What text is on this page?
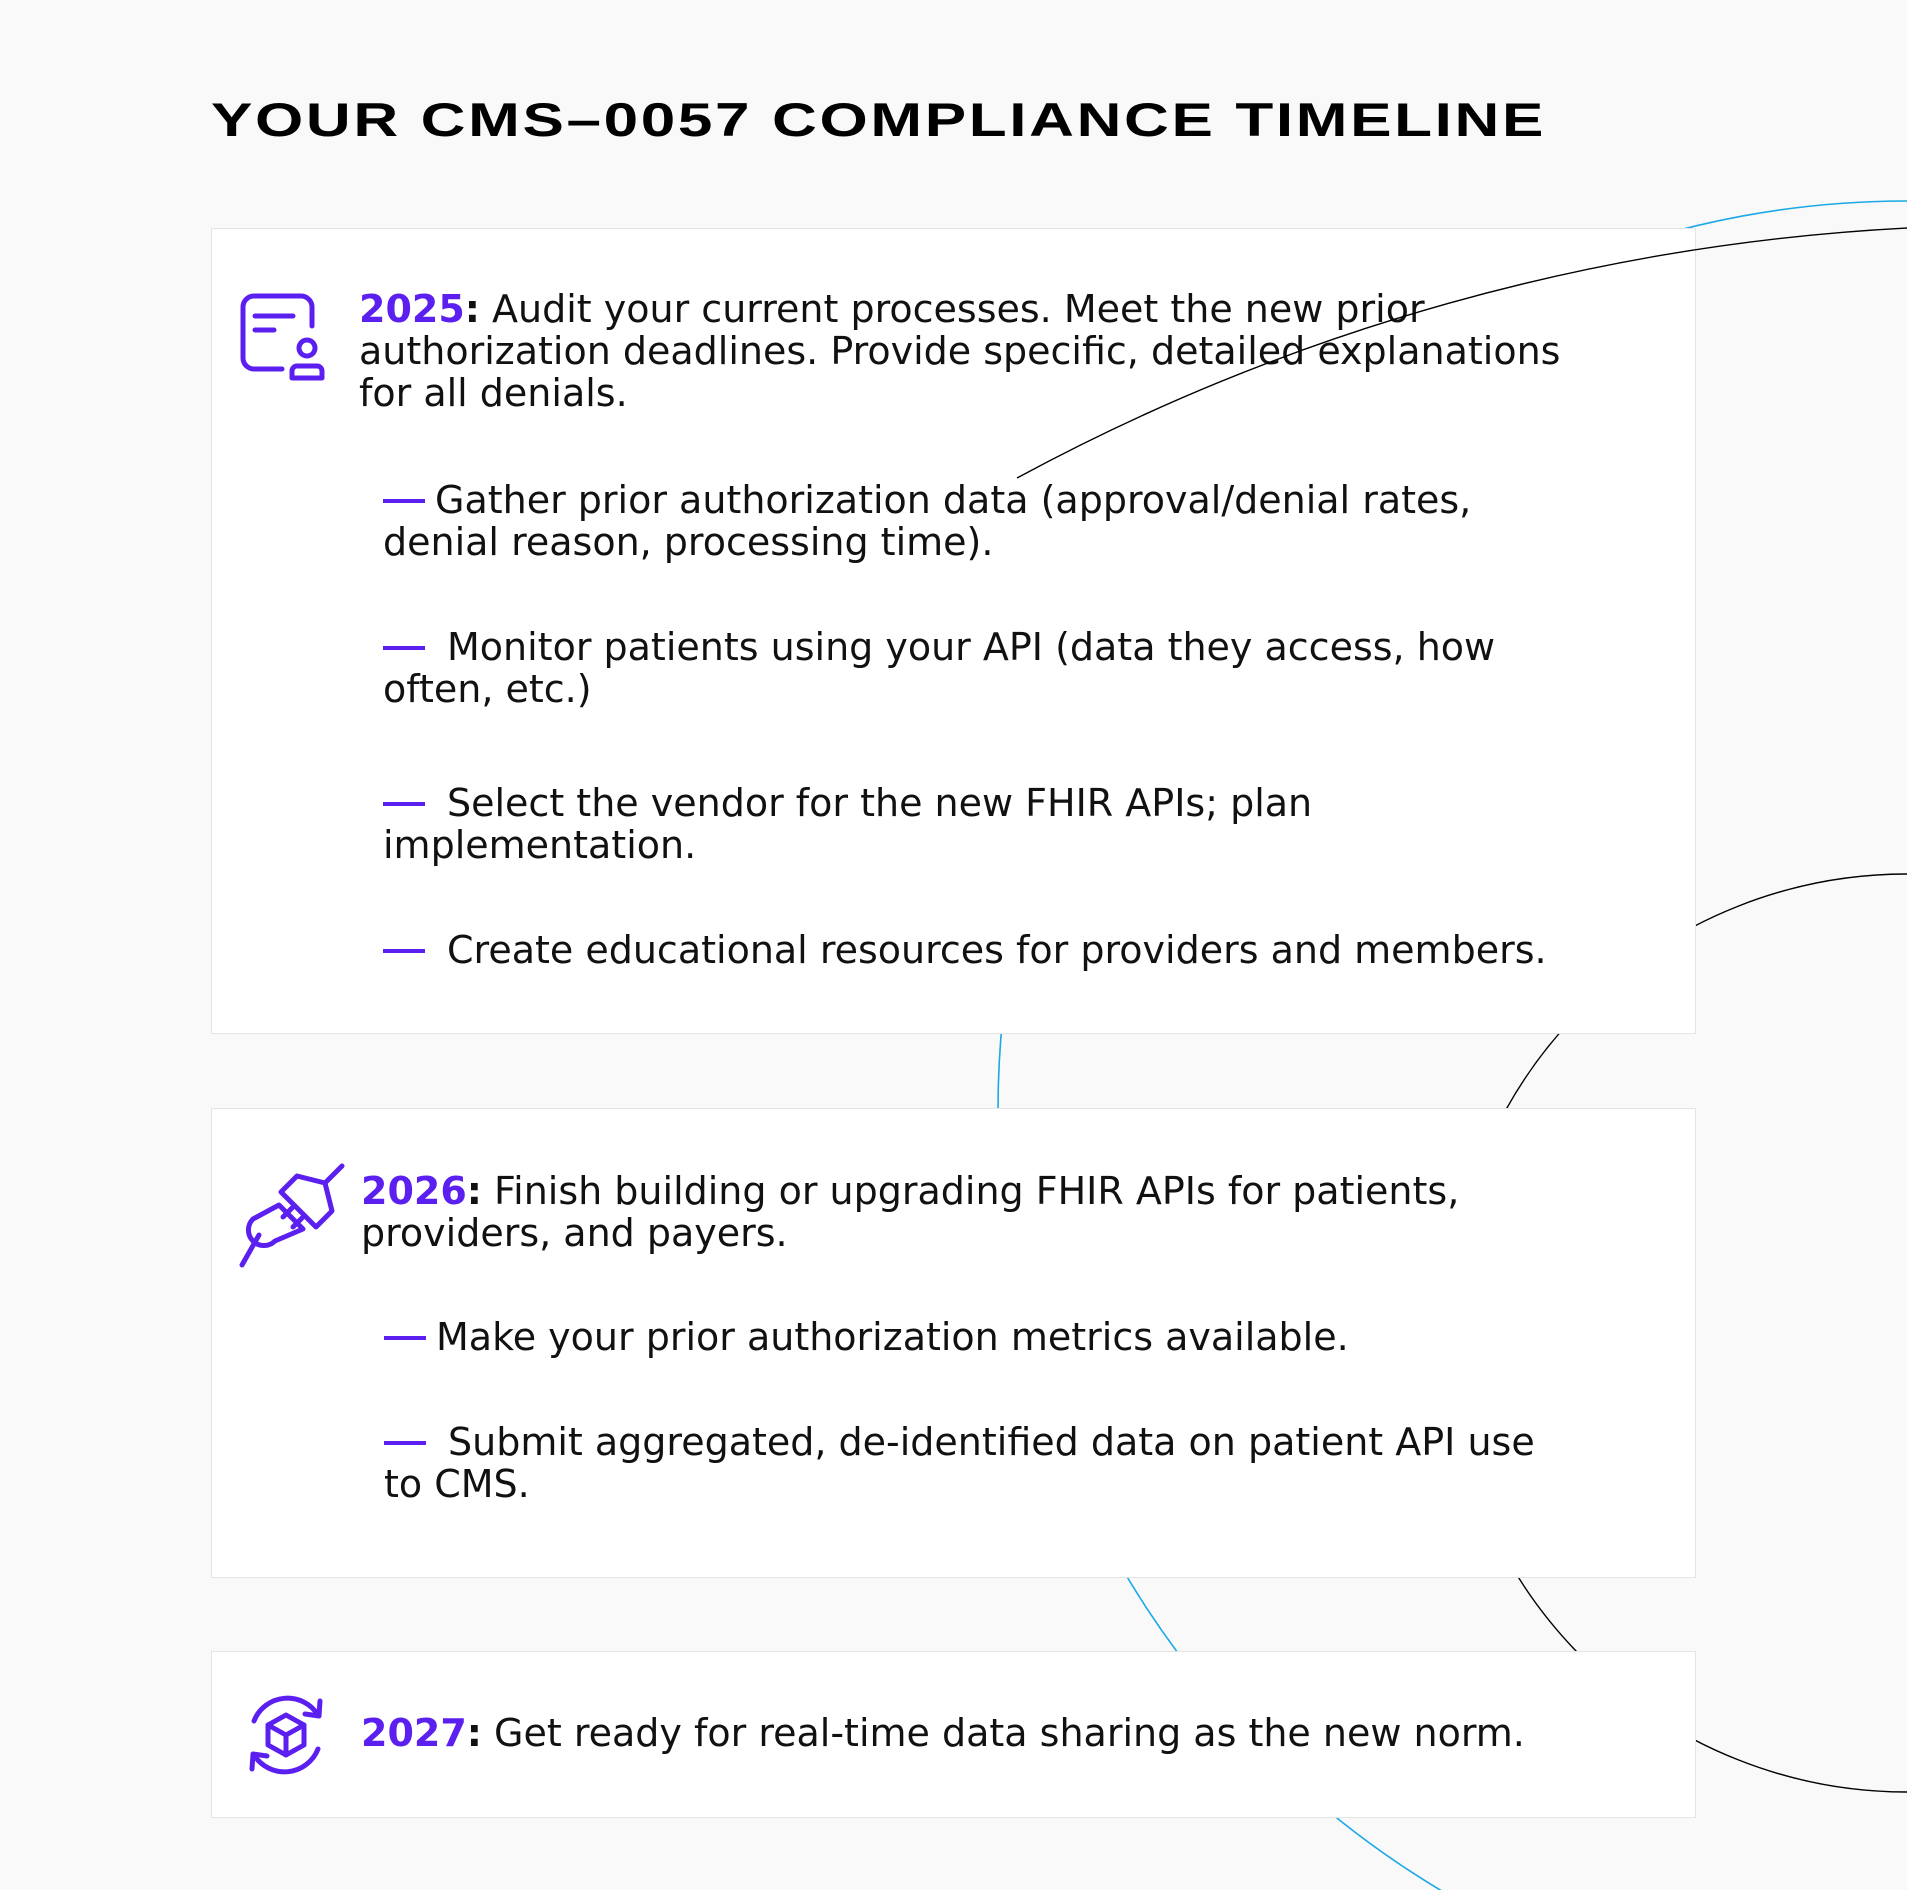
YOUR CMS–0057 COMPLIANCE TIMELINE

2025: Audit your current processes. Meet the new prior authorization deadlines. Provide specific, detailed explanations for all denials.

Gather prior authorization data (approval/denial rates, denial reason, processing time).

Monitor patients using your API (data they access, how often, etc.)

Select the vendor for the new FHIR APIs; plan implementation.

Create educational resources for providers and members.

2026: Finish building or upgrading FHIR APIs for patients, providers, and payers.

Make your prior authorization metrics available.

Submit aggregated, de-identified data on patient API use to CMS.

2027: Get ready for real-time data sharing as the new norm.
